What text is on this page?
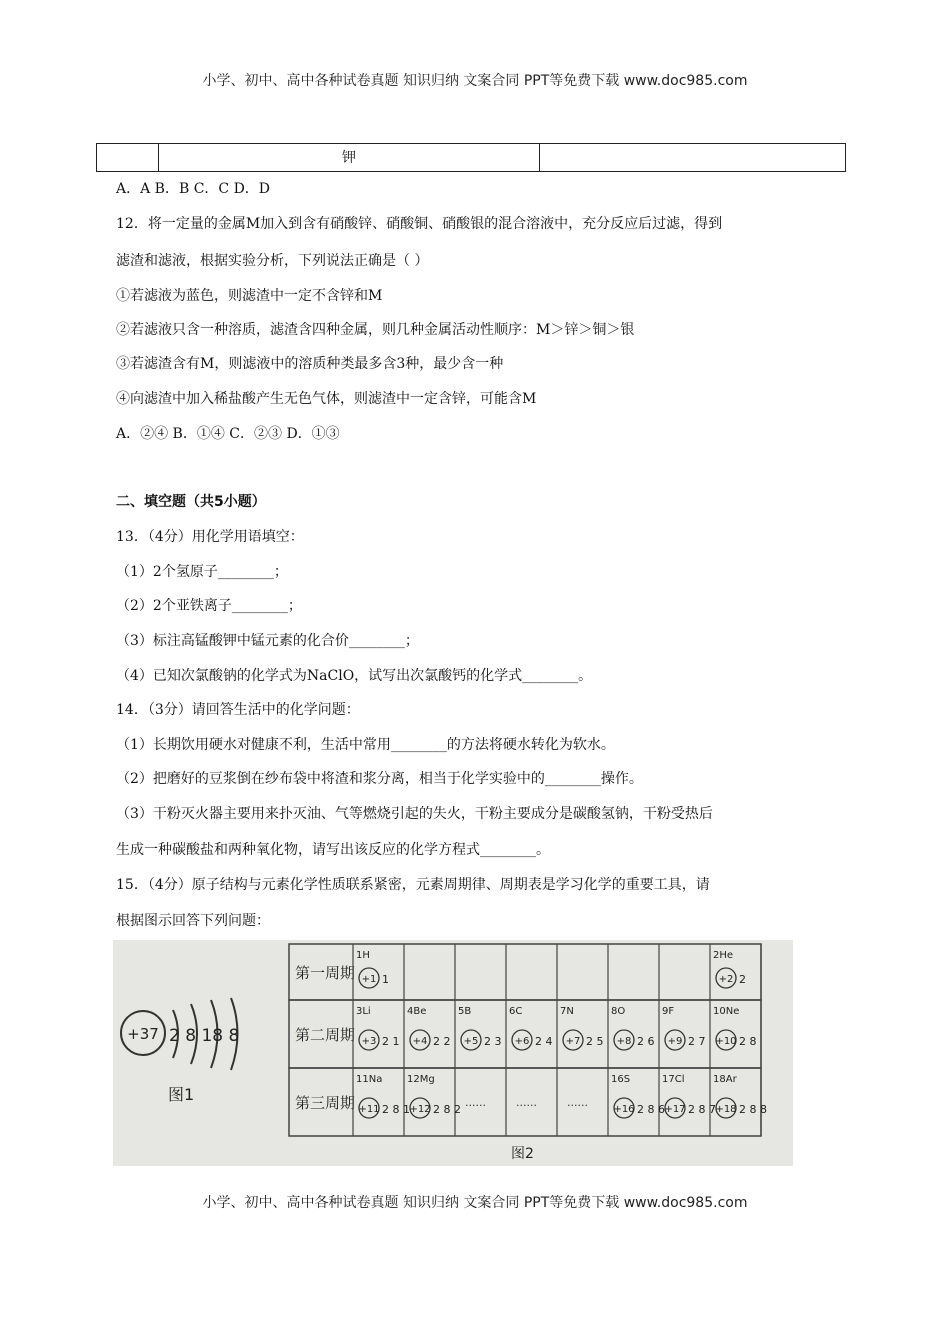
小学、初中、高中各种试卷真题 知识归纳 文案合同 PPT等免费下载 www.doc985.com
钾
A．A B．B C．C D．D
12．将一定量的金属M加入到含有硝酸锌、硝酸铜、硝酸银的混合溶液中，充分反应后过滤，得到
滤渣和滤液，根据实验分析，下列说法正确是（ ）
①若滤液为蓝色，则滤渣中一定不含锌和M
②若滤液只含一种溶质，滤渣含四种金属，则几种金属活动性顺序：M＞锌＞铜＞银
③若滤渣含有M，则滤液中的溶质种类最多含3种，最少含一种
④向滤渣中加入稀盐酸产生无色气体，则滤渣中一定含锌，可能含M
A．②④ B．①④ C．②③ D．①③
二、填空题（共5小题）
13．（4分）用化学用语填空：
（1）2个氢原子________；
（2）2个亚铁离子________；
（3）标注高锰酸钾中锰元素的化合价________；
（4）已知次氯酸钠的化学式为NaClO，试写出次氯酸钙的化学式________。
14．（3分）请回答生活中的化学问题：
（1）长期饮用硬水对健康不利，生活中常用________的方法将硬水转化为软水。
（2）把磨好的豆浆倒在纱布袋中将渣和浆分离，相当于化学实验中的________操作。
（3）干粉灭火器主要用来扑灭油、气等燃烧引起的失火，干粉主要成分是碳酸氢钠，干粉受热后
生成一种碳酸盐和两种氧化物，请写出该反应的化学方程式________。
15．（4分）原子结构与元素化学性质联系紧密，元素周期律、周期表是学习化学的重要工具，请
根据图示回答下列问题：
+37 2 8 18 8
图1
第一周期
第二周期
第三周期
1H
+1 1
2He
+2 2
3Li
+3 2 1
4Be
+4 2 2
5B
+5 2 3
6C
+6 2 4
7N
+7 2 5
8O
+8 2 6
9F
+9 2 7
10Ne
+10 2 8
11Na
+11 2 8 1
12Mg
+12 2 8 2
......	......	......
16S
+16 2 8 6
17Cl
+17 2 8 7
18Ar
+18 2 8 8
图2
小学、初中、高中各种试卷真题 知识归纳 文案合同 PPT等免费下载 www.doc985.com
